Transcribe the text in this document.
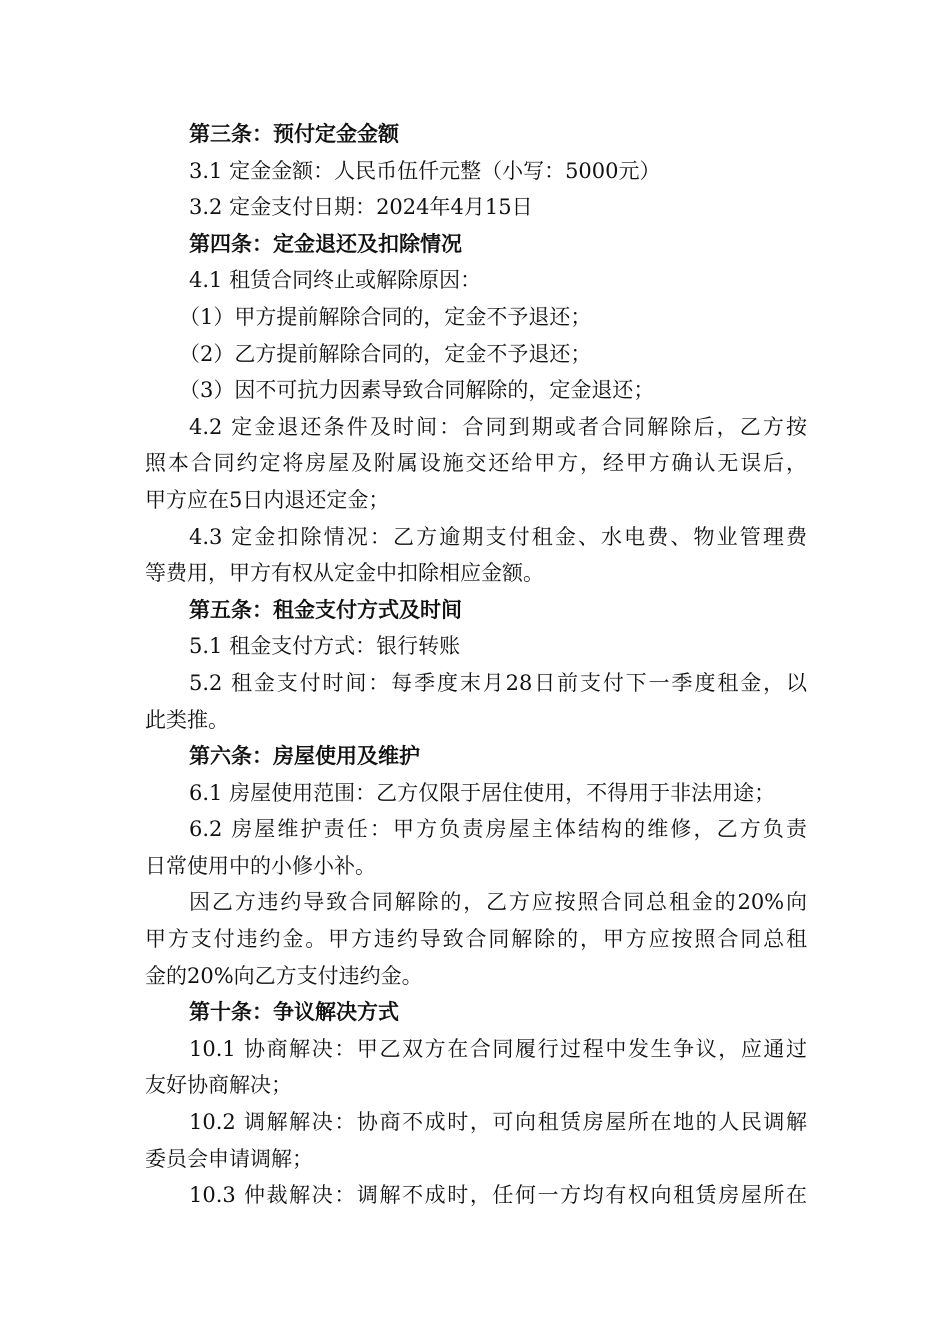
第三条：预付定金金额
3.1 定金金额：人民币伍仟元整（小写：5000元）
3.2 定金支付日期：2024年4月15日
第四条：定金退还及扣除情况
4.1 租赁合同终止或解除原因：
（1）甲方提前解除合同的，定金不予退还；
（2）乙方提前解除合同的，定金不予退还；
（3）因不可抗力因素导致合同解除的，定金退还；
4.2 定金退还条件及时间：合同到期或者合同解除后，乙方按
照本合同约定将房屋及附属设施交还给甲方，经甲方确认无误后，
甲方应在5日内退还定金；
4.3 定金扣除情况：乙方逾期支付租金、水电费、物业管理费
等费用，甲方有权从定金中扣除相应金额。
第五条：租金支付方式及时间
5.1 租金支付方式：银行转账
5.2 租金支付时间：每季度末月28日前支付下一季度租金，以
此类推。
第六条：房屋使用及维护
6.1 房屋使用范围：乙方仅限于居住使用，不得用于非法用途；
6.2 房屋维护责任：甲方负责房屋主体结构的维修，乙方负责
日常使用中的小修小补。
因乙方违约导致合同解除的，乙方应按照合同总租金的20%向
甲方支付违约金。甲方违约导致合同解除的，甲方应按照合同总租
金的20%向乙方支付违约金。
第十条：争议解决方式
10.1 协商解决：甲乙双方在合同履行过程中发生争议，应通过
友好协商解决；
10.2 调解解决：协商不成时，可向租赁房屋所在地的人民调解
委员会申请调解；
10.3 仲裁解决：调解不成时，任何一方均有权向租赁房屋所在
